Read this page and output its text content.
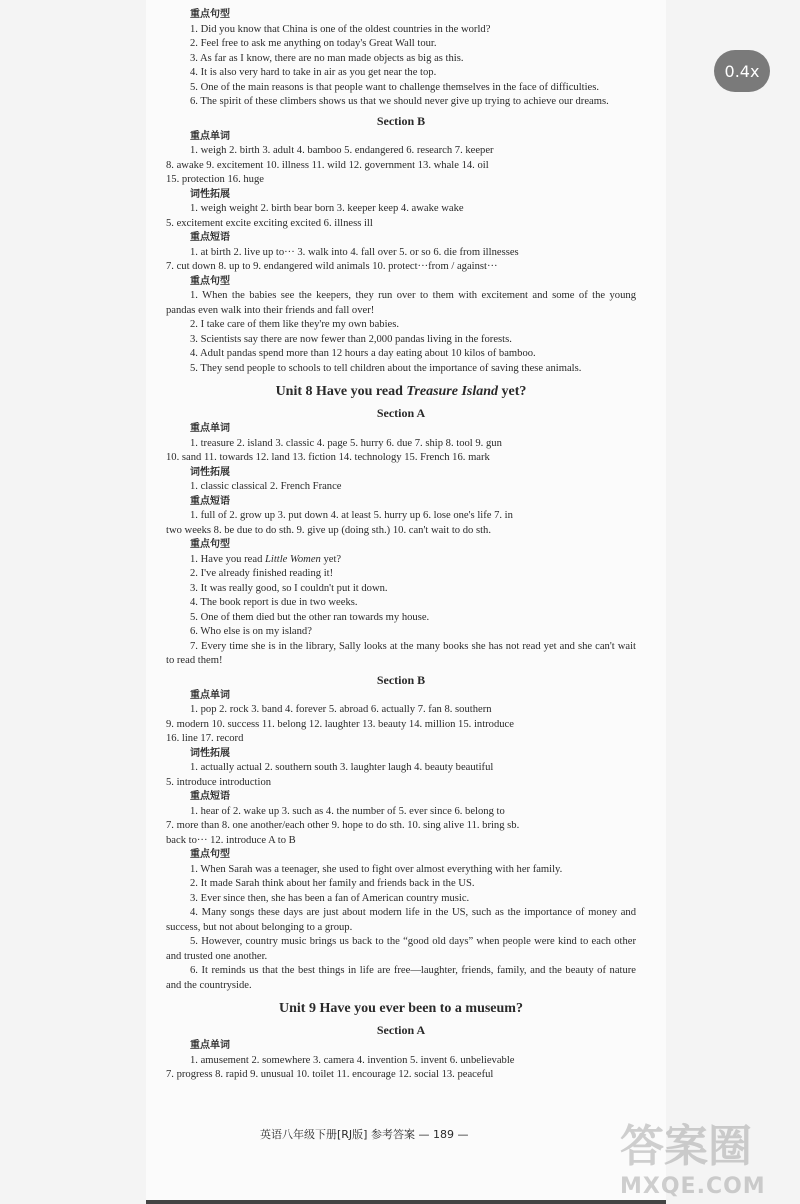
重点句型
1. Did you know that China is one of the oldest countries in the world?
2. Feel free to ask me anything on today's Great Wall tour.
3. As far as I know, there are no man made objects as big as this.
4. It is also very hard to take in air as you get near the top.
5. One of the main reasons is that people want to challenge themselves in the face of difficulties.
6. The spirit of these climbers shows us that we should never give up trying to achieve our dreams.
Section B
重点单词
1. weigh 2. birth 3. adult 4. bamboo 5. endangered 6. research 7. keeper
8. awake 9. excitement 10. illness 11. wild 12. government 13. whale 14. oil
15. protection 16. huge
词性拓展
1. weigh weight 2. birth bear born 3. keeper keep 4. awake wake
5. excitement excite exciting excited 6. illness ill
重点短语
1. at birth 2. live up to··· 3. walk into 4. fall over 5. or so 6. die from illnesses
7. cut down 8. up to 9. endangered wild animals 10. protect···from / against···
重点句型
1. When the babies see the keepers, they run over to them with excitement and some of the young pandas even walk into their friends and fall over!
2. I take care of them like they're my own babies.
3. Scientists say there are now fewer than 2,000 pandas living in the forests.
4. Adult pandas spend more than 12 hours a day eating about 10 kilos of bamboo.
5. They send people to schools to tell children about the importance of saving these animals.
Unit 8 Have you read Treasure Island yet?
Section A
重点单词
1. treasure 2. island 3. classic 4. page 5. hurry 6. due 7. ship 8. tool 9. gun
10. sand 11. towards 12. land 13. fiction 14. technology 15. French 16. mark
词性拓展
1. classic classical 2. French France
重点短语
1. full of 2. grow up 3. put down 4. at least 5. hurry up 6. lose one's life 7. in
two weeks 8. be due to do sth. 9. give up (doing sth.) 10. can't wait to do sth.
重点句型
1. Have you read Little Women yet?
2. I've already finished reading it!
3. It was really good, so I couldn't put it down.
4. The book report is due in two weeks.
5. One of them died but the other ran towards my house.
6. Who else is on my island?
7. Every time she is in the library, Sally looks at the many books she has not read yet and she can't wait to read them!
Section B
重点单词
1. pop 2. rock 3. band 4. forever 5. abroad 6. actually 7. fan 8. southern
9. modern 10. success 11. belong 12. laughter 13. beauty 14. million 15. introduce
16. line 17. record
词性拓展
1. actually actual 2. southern south 3. laughter laugh 4. beauty beautiful
5. introduce introduction
重点短语
1. hear of 2. wake up 3. such as 4. the number of 5. ever since 6. belong to
7. more than 8. one another/each other 9. hope to do sth. 10. sing alive 11. bring sb.
back to··· 12. introduce A to B
重点句型
1. When Sarah was a teenager, she used to fight over almost everything with her family.
2. It made Sarah think about her family and friends back in the US.
3. Ever since then, she has been a fan of American country music.
4. Many songs these days are just about modern life in the US, such as the importance of money and success, but not about belonging to a group.
5. However, country music brings us back to the “good old days” when people were kind to each other and trusted one another.
6. It reminds us that the best things in life are free—laughter, friends, family, and the beauty of nature and the countryside.
Unit 9 Have you ever been to a museum?
Section A
重点单词
1. amusement 2. somewhere 3. camera 4. invention 5. invent 6. unbelievable
7. progress 8. rapid 9. unusual 10. toilet 11. encourage 12. social 13. peaceful
英语八年级下册[RJ版] 参考答案 — 189 —
0.4x
答案圈
MXQE.COM
